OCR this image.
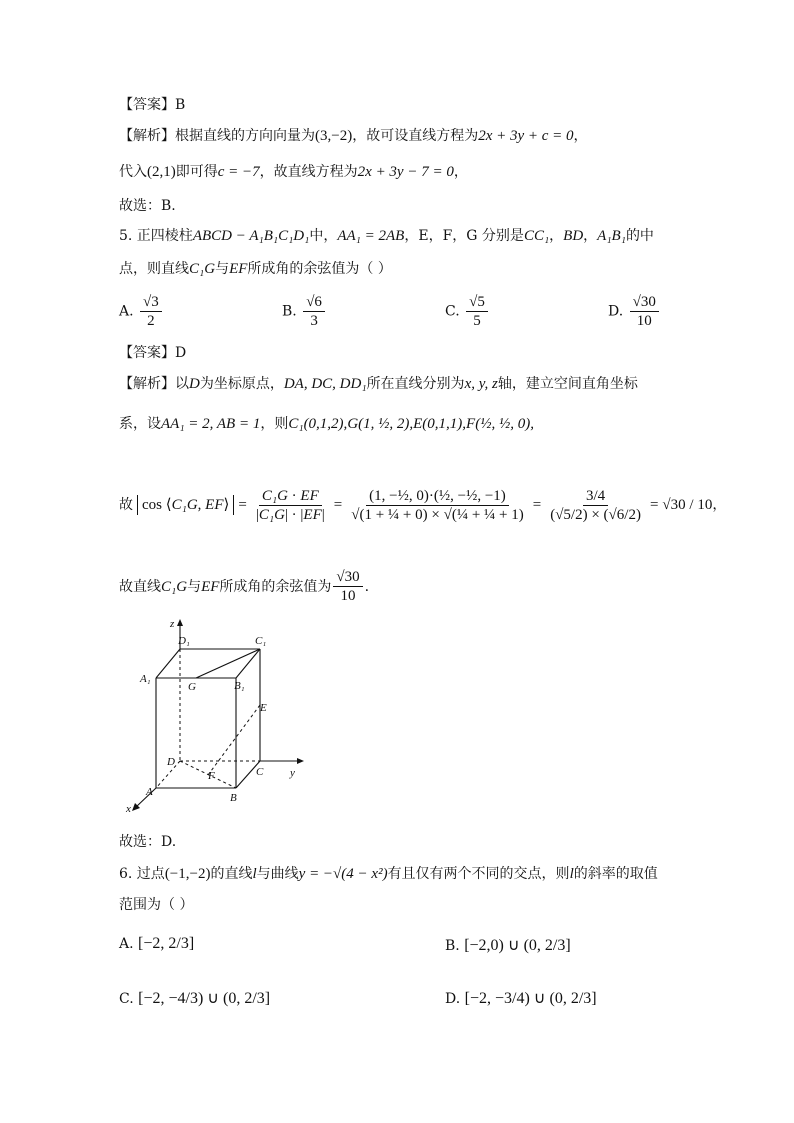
【答案】B
【解析】根据直线的方向向量为(3,−2)，故可设直线方程为2x + 3y + c = 0，
代入(2,1)即可得c = −7，故直线方程为2x + 3y − 7 = 0，
故选：B.
5. 正四棱柱ABCD − A₁B₁C₁D₁中，AA₁ = 2AB，E，F，G 分别是CC₁，BD，A₁B₁的中
点，则直线C₁G与EF所成角的余弦值为（ ）
A. $\frac{√3}{2}$	B. $\frac{√6}{3}$	C. $\frac{√5}{5}$	D. $\frac{√30}{10}$
【答案】D
【解析】以D为坐标原点，DA, DC, DD₁所在直线分别为x, y, z轴，建立空间直角坐标
系，设AA₁ = 2, AB = 1，则C₁(0,1,2),G(1, ½, 2),E(0,1,1),F(½, ½, 0),
故 cos ⟨C₁G, EF⟩ = $\frac{\text{C₁G · EF}}{\text{|C₁G| · |EF|}} = \frac{\text{(1, −½, 0)·(½, −½, −1)}}{\text{√(1 + ¼ + 0) × √(¼ + ¼ + 1)}} = \frac{3/4}{(√5/2) \times (√6/2)} = √30 / 10$ ，
故直线 C₁G 与 EF 所成角的余弦值为 $\frac{√30}{10}$ .
z
D₁	C₁
A₁
G	B₁
E
D
F	C y
A	B
x
故选：D.
6. 过点(−1,−2)的直线l与曲线y = −√(4 − x²)有且仅有两个不同的交点，则l的斜率的取值
范围为（ ）
A. [−2, 2/3]	B. [−2,0) ∪ (0, 2/3]
C. [−2, −4/3) ∪ (0, 2/3]	D. [−2, −3/4) ∪ (0, 2/3]
